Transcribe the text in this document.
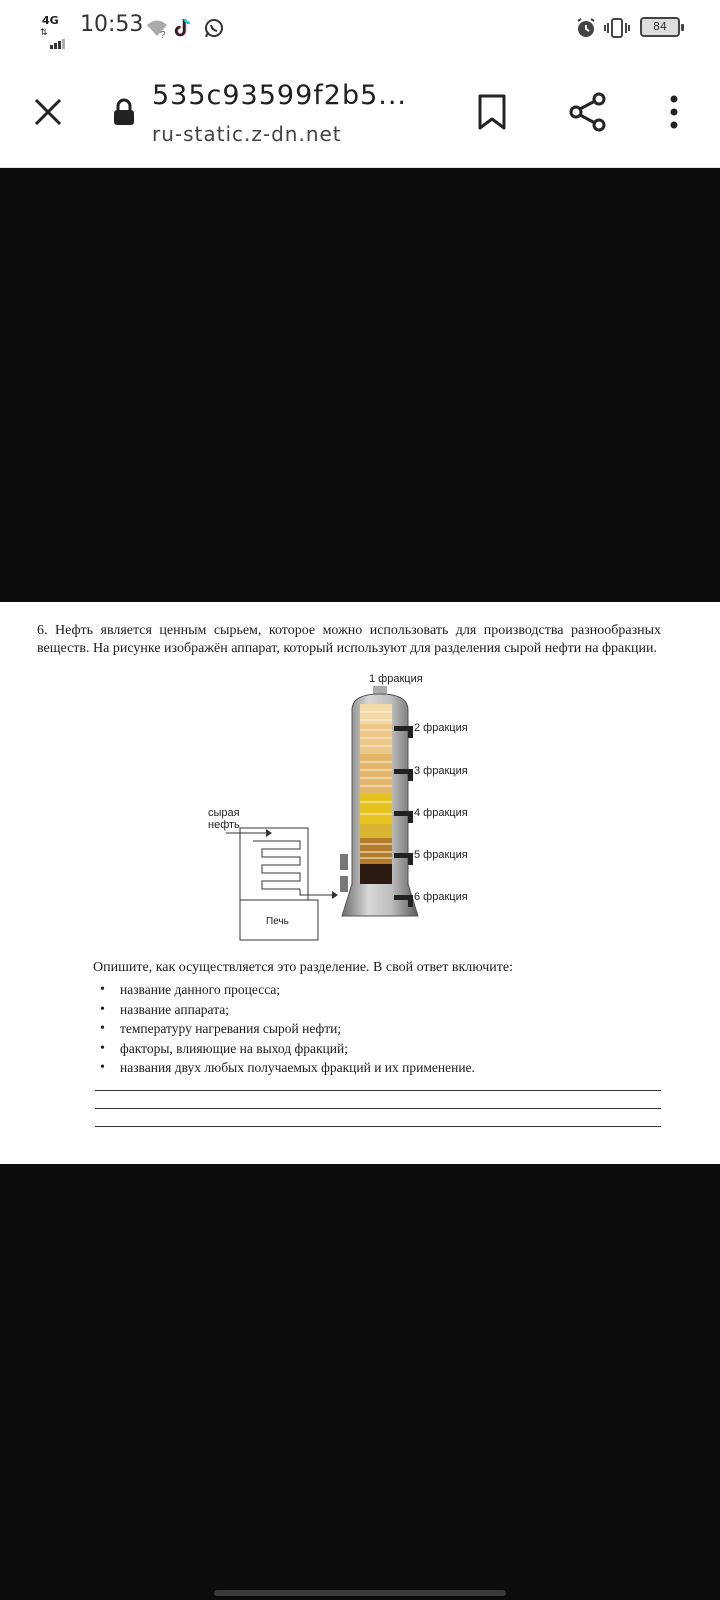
4G
⇅ 10:53 ?
84
535c93599f2b5...
ru-static.z-dn.net

6. Нефть является ценным сырьем, которое можно использовать для производства разнообразных веществ. На рисунке изображён аппарат, который используют для разделения сырой нефти на фракции.

1 фракция
2 фракция
3 фракция
4 фракция
5 фракция
6 фракция
сырая
нефть
Печь

Опишите, как осуществляется это разделение. В свой ответ включите:

• название данного процесса;
• название аппарата;
• температуру нагревания сырой нефти;
• факторы, влияющие на выход фракций;
• названия двух любых получаемых фракций и их применение.
